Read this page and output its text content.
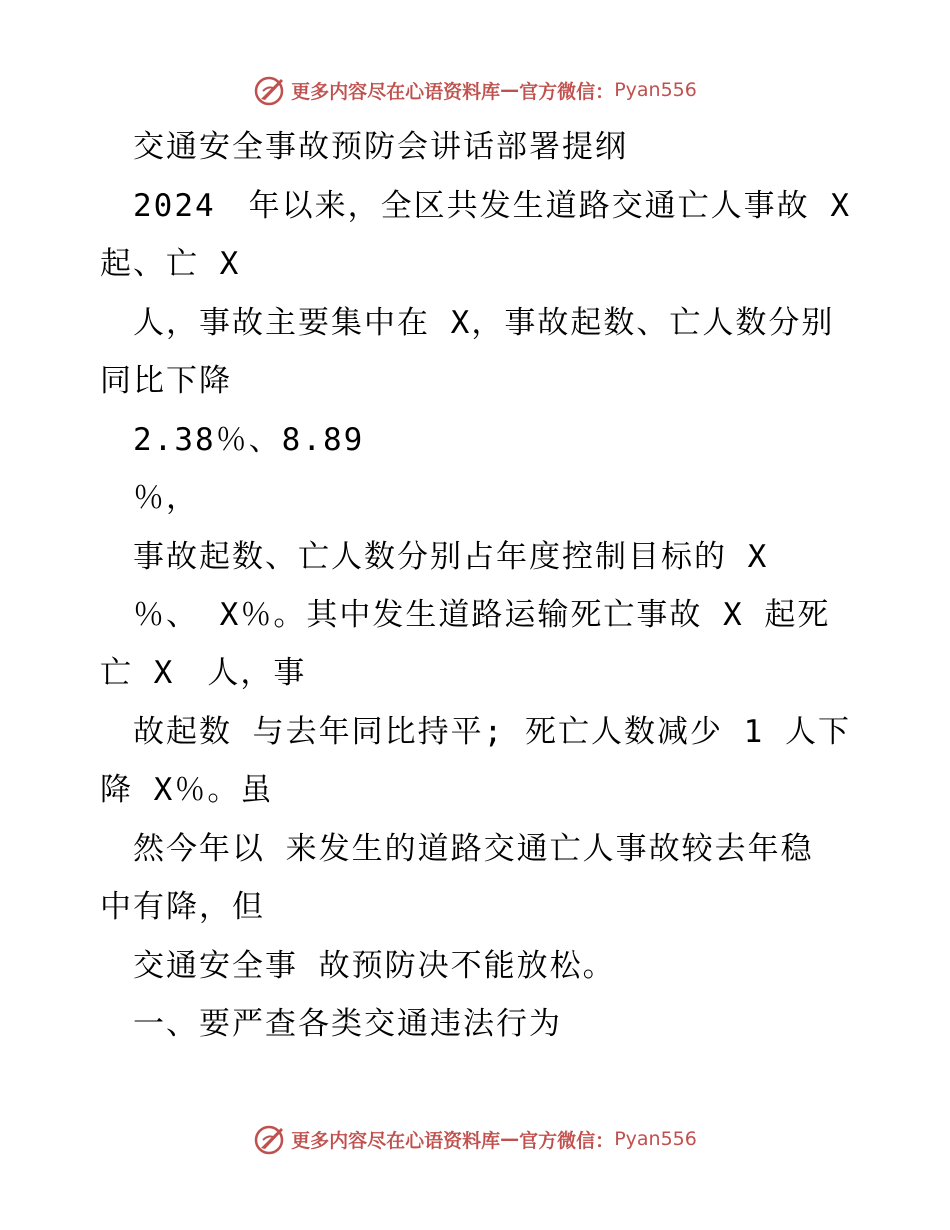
更多内容尽在心语资料库 — 官方微信： Pyan556
　交通安全事故预防会讲话部署提纲
　2024　年以来，全区共发生道路交通亡人事故 X
起、亡 X
　人，事故主要集中在 X，事故起数、亡人数分别
同比下降
　2.38％、8.89
　％，
　事故起数、亡人数分别占年度控制目标的 X
　％、 X％。其中发生道路运输死亡事故 X 起死
亡 X　人，事
　故起数 与去年同比持平; 死亡人数减少 1 人下
降 X％。虽
　然今年以 来发生的道路交通亡人事故较去年稳
中有降，但
　交通安全事 故预防决不能放松。
　一、要严查各类交通违法行为
更多内容尽在心语资料库 — 官方微信： Pyan556
